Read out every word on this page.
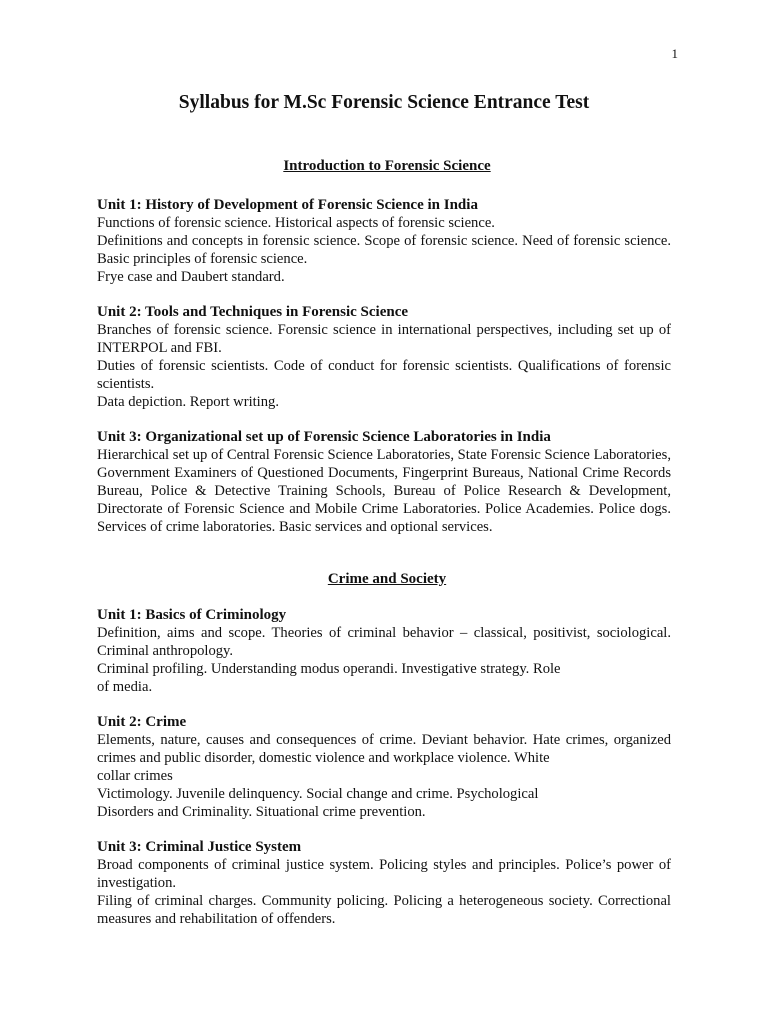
1
Syllabus for M.Sc Forensic Science Entrance Test
Introduction to Forensic Science
Unit 1: History of Development of Forensic Science in India
Functions of forensic science. Historical aspects of forensic science.
Definitions and concepts in forensic science. Scope of forensic science. Need of forensic science. Basic principles of forensic science.
Frye case and Daubert standard.
Unit 2: Tools and Techniques in Forensic Science
Branches of forensic science. Forensic science in international perspectives, including set up of INTERPOL and FBI.
Duties of forensic scientists. Code of conduct for forensic scientists. Qualifications of forensic scientists.
Data depiction. Report writing.
Unit 3: Organizational set up of Forensic Science Laboratories in India
Hierarchical set up of Central Forensic Science Laboratories, State Forensic Science Laboratories, Government Examiners of Questioned Documents, Fingerprint Bureaus, National Crime Records Bureau, Police & Detective Training Schools, Bureau of Police Research & Development, Directorate of Forensic Science and Mobile Crime Laboratories. Police Academies. Police dogs. Services of crime laboratories. Basic services and optional services.
Crime and Society
Unit 1: Basics of Criminology
Definition, aims and scope. Theories of criminal behavior – classical, positivist, sociological. Criminal anthropology.
Criminal profiling. Understanding modus operandi. Investigative strategy. Role
of media.
Unit 2: Crime
Elements, nature, causes and consequences of crime. Deviant behavior. Hate crimes, organized crimes and public disorder, domestic violence and workplace violence. White
collar crimes
Victimology. Juvenile delinquency. Social change and crime. Psychological
Disorders and Criminality. Situational crime prevention.
Unit 3: Criminal Justice System
Broad components of criminal justice system. Policing styles and principles. Police’s power of investigation.
Filing of criminal charges. Community policing. Policing a heterogeneous society. Correctional measures and rehabilitation of offenders.
